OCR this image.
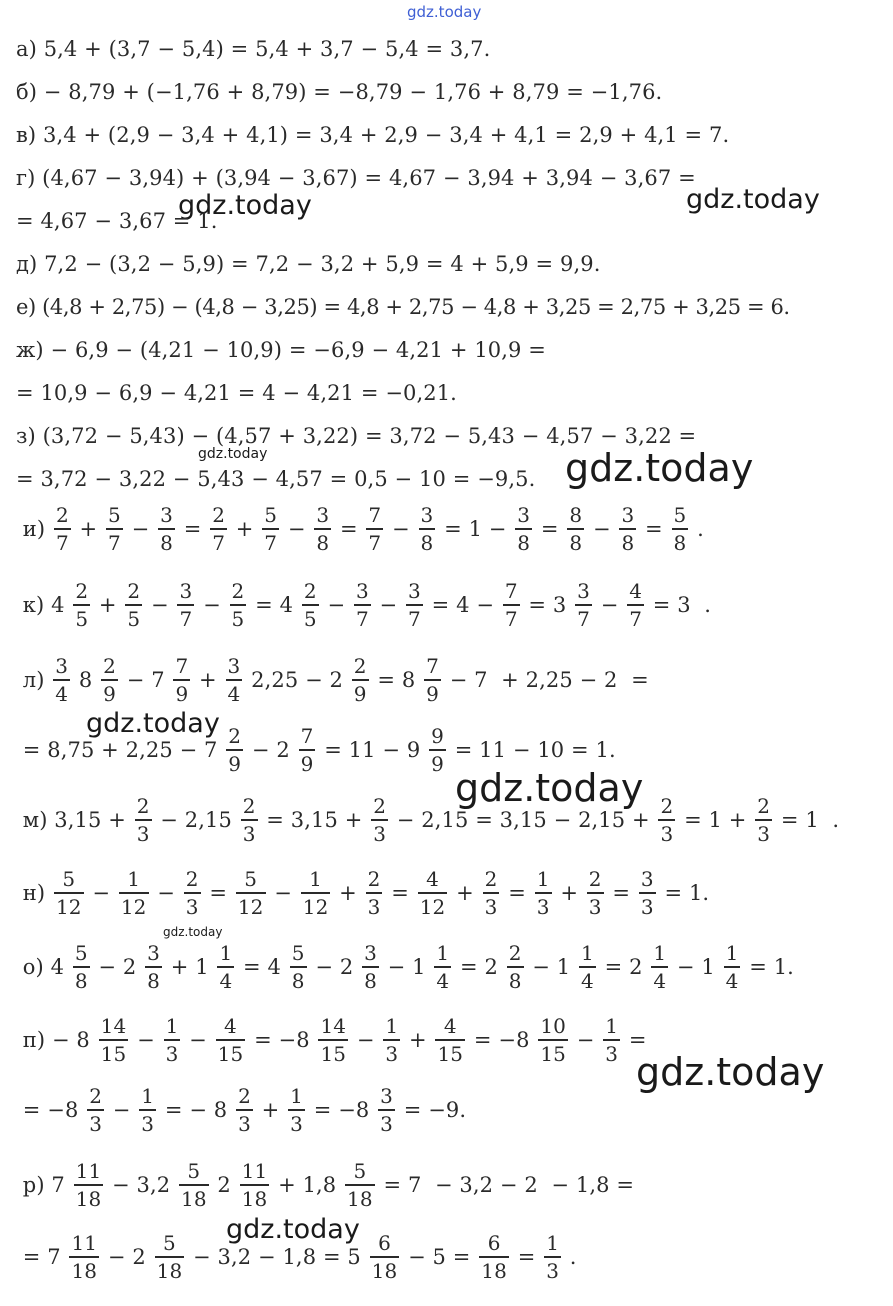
gdz.today
gdz.today	gdz.today
gdz.today	gdz.today
gdz.today
gdz.today
gdz.today
gdz.today
gdz.today
а) 5,4 + (3,7 − 5,4) = 5,4 + 3,7 − 5,4 = 3,7.
б) − 8,79 + (−1,76 + 8,79) = −8,79 − 1,76 + 8,79 = −1,76.
в) 3,4 + (2,9 − 3,4 + 4,1) = 3,4 + 2,9 − 3,4 + 4,1 = 2,9 + 4,1 = 7.
г) (4,67 − 3,94) + (3,94 − 3,67) = 4,67 − 3,94 + 3,94 − 3,67 =
= 4,67 − 3,67 = 1.
д) 7,2 − (3,2 − 5,9) = 7,2 − 3,2 + 5,9 = 4 + 5,9 = 9,9.
е) (4,8 + 2,75) − (4,8 − 3,25) = 4,8 + 2,75 − 4,8 + 3,25 = 2,75 + 3,25 = 6.
ж) − 6,9 − (4,21 − 10,9) = −6,9 − 4,21 + 10,9 =
= 10,9 − 6,9 − 4,21 = 4 − 4,21 = −0,21.
з) (3,72 − 5,43) − (4,57 + 3,22) = 3,72 − 5,43 − 4,57 − 3,22 =
= 3,72 − 3,22 − 5,43 − 4,57 = 0,5 − 10 = −9,5.
$и) \frac{2}{7} + \frac{5}{7} - \frac{3}{8} = \frac{2}{7} + \frac{5}{7} - \frac{3}{8} = \frac{7}{7} - \frac{3}{8} = 1 - \frac{3}{8} = \frac{8}{8} - \frac{3}{8} = \frac{5}{8}$ .
к) $4 \frac{2}{5} + \frac{2}{5} - \frac{3}{7} - \frac{2}{5} = 4 \frac{2}{5} - \frac{3}{7} - \frac{3}{7} = 4 - \frac{7}{7} = 3 \frac{3}{7} - \frac{4}{7} = 3$ .
$л) \frac{3}{4} 8 \frac{2}{9} - 7 \frac{7}{9} + \frac{3}{4} 2,25 - 2 \frac{2}{9} = 8 \frac{7}{9} - 7 + 2,25 - 2$ =
= $8,75 + 2,25 - 7 \frac{2}{9} - 2 \frac{7}{9} = 11 - 9 \frac{9}{9} = 11 - 10 = 1$.
м) $3,15 + \frac{2}{3} - 2,15 \frac{2}{3} = 3,15 + \frac{2}{3} - 2,15 = 3,15 - 2,15 + \frac{2}{3} = 1 + \frac{2}{3} = 1$ .
$н) \frac{5}{12} - \frac{1}{12} - \frac{2}{3} = \frac{5}{12} - \frac{1}{12} + \frac{2}{3} = \frac{4}{12} + \frac{2}{3} = \frac{1}{3} + \frac{2}{3} = \frac{3}{3} = 1$.
о) $4 \frac{5}{8} - 2 \frac{3}{8} + 1 \frac{1}{4} = 4 \frac{5}{8} - 2 \frac{3}{8} - 1 \frac{1}{4} = 2 \frac{2}{8} - 1 \frac{1}{4} = 2 \frac{1}{4} - 1 \frac{1}{4} = 1$.
$п) - 8 \frac{14}{15} - \frac{1}{3} - \frac{4}{15} = -8 \frac{14}{15} - \frac{1}{3} + \frac{4}{15} = -8 \frac{10}{15} - \frac{1}{3}$ =
= $-8 \frac{2}{3} - \frac{1}{3}$ = − $8 \frac{2}{3} + \frac{1}{3} = -8 \frac{3}{3} = -9$.
р) $7 \frac{11}{18} - 3,2 \frac{5}{18} 2 \frac{11}{18} + 1,8 \frac{5}{18} = 7 - 3,2 - 2 - 1,8$ =
= $7 \frac{11}{18} - 2 \frac{5}{18} - 3,2 - 1,8 = 5 \frac{6}{18} - 5 = \frac{6}{18} = \frac{1}{3}$ .
